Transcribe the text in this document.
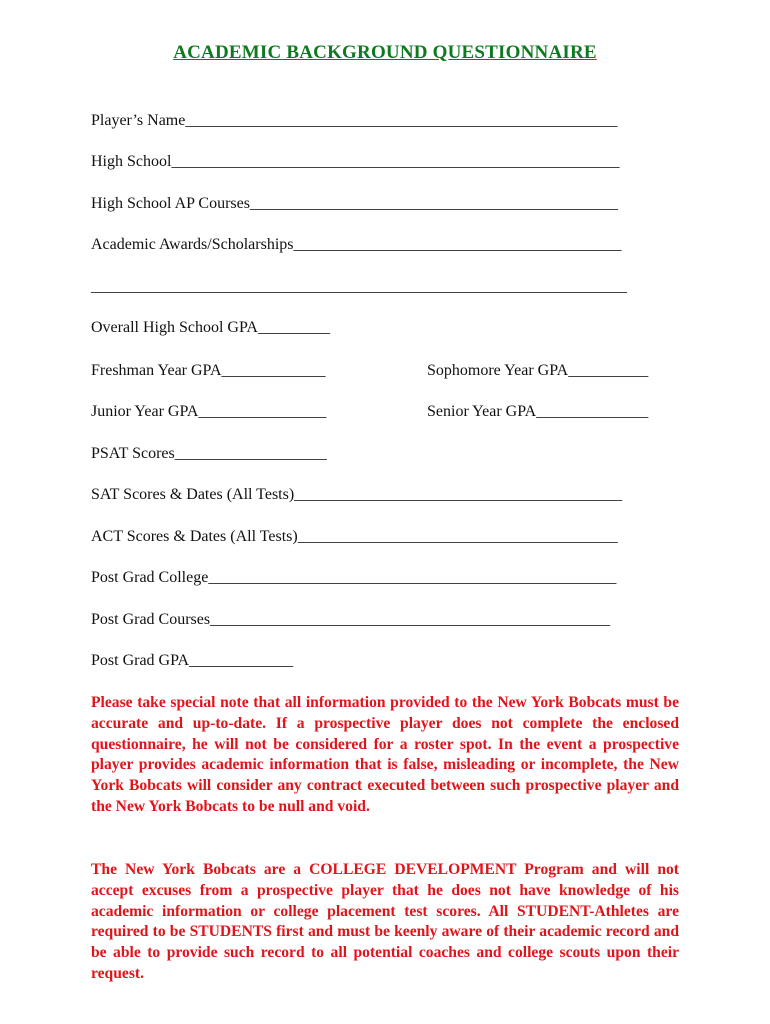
ACADEMIC BACKGROUND QUESTIONNAIRE
Player’s Name______________________________________________________
High School________________________________________________________
High School AP Courses______________________________________________
Academic Awards/Scholarships_________________________________________
___________________________________________________________________
Overall High School GPA_________
Freshman Year GPA_____________	Sophomore Year GPA__________
Junior Year GPA________________	Senior Year GPA______________
PSAT Scores___________________
SAT Scores & Dates (All Tests)_________________________________________
ACT Scores & Dates (All Tests)________________________________________
Post Grad College___________________________________________________
Post Grad Courses__________________________________________________
Post Grad GPA_____________
Please take special note that all information provided to the New York Bobcats must be accurate and up-to-date. If a prospective player does not complete the enclosed questionnaire, he will not be considered for a roster spot. In the event a prospective player provides academic information that is false, misleading or incomplete, the New York Bobcats will consider any contract executed between such prospective player and the New York Bobcats to be null and void.
The New York Bobcats are a COLLEGE DEVELOPMENT Program and will not accept excuses from a prospective player that he does not have knowledge of his academic information or college placement test scores. All STUDENT-Athletes are required to be STUDENTS first and must be keenly aware of their academic record and be able to provide such record to all potential coaches and college scouts upon their request.
